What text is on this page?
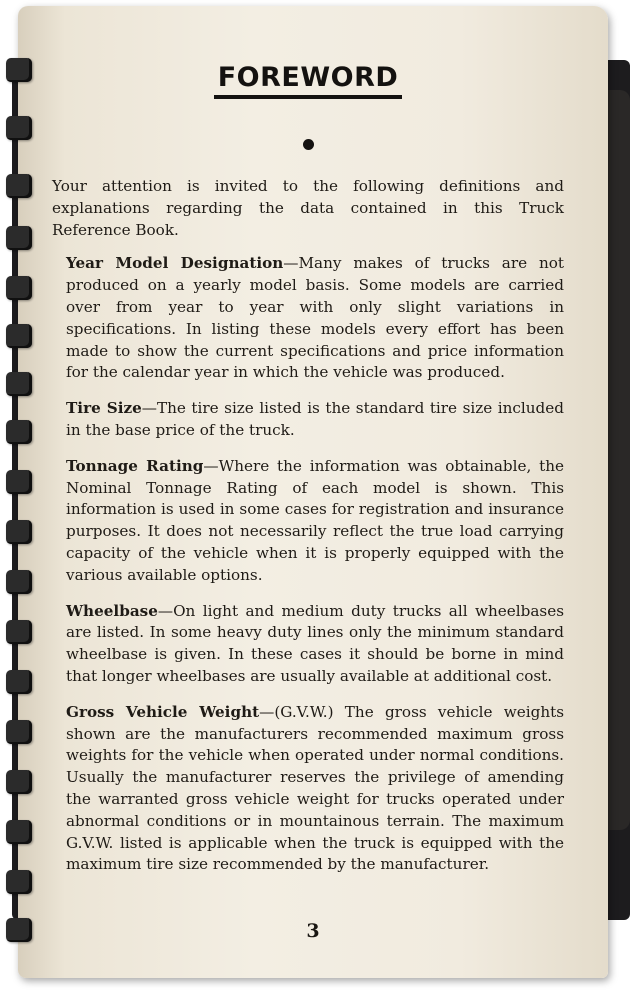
FOREWORD

Your attention is invited to the following definitions and explanations regarding the data contained in this Truck Reference Book.

Year Model Designation—Many makes of trucks are not produced on a yearly model basis. Some models are carried over from year to year with only slight variations in specifications. In listing these models every effort has been made to show the current specifications and price information for the calendar year in which the vehicle was produced.

Tire Size—The tire size listed is the standard tire size included in the base price of the truck.

Tonnage Rating—Where the information was obtainable, the Nominal Tonnage Rating of each model is shown. This information is used in some cases for registration and insurance purposes. It does not necessarily reflect the true load carrying capacity of the vehicle when it is properly equipped with the various available options.

Wheelbase—On light and medium duty trucks all wheelbases are listed. In some heavy duty lines only the minimum standard wheelbase is given. In these cases it should be borne in mind that longer wheelbases are usually available at additional cost.

Gross Vehicle Weight—(G.V.W.) The gross vehicle weights shown are the manufacturers recommended maximum gross weights for the vehicle when operated under normal conditions. Usually the manufacturer reserves the privilege of amending the warranted gross vehicle weight for trucks operated under abnormal conditions or in mountainous terrain. The maximum G.V.W. listed is applicable when the truck is equipped with the maximum tire size recommended by the manufacturer.

3
